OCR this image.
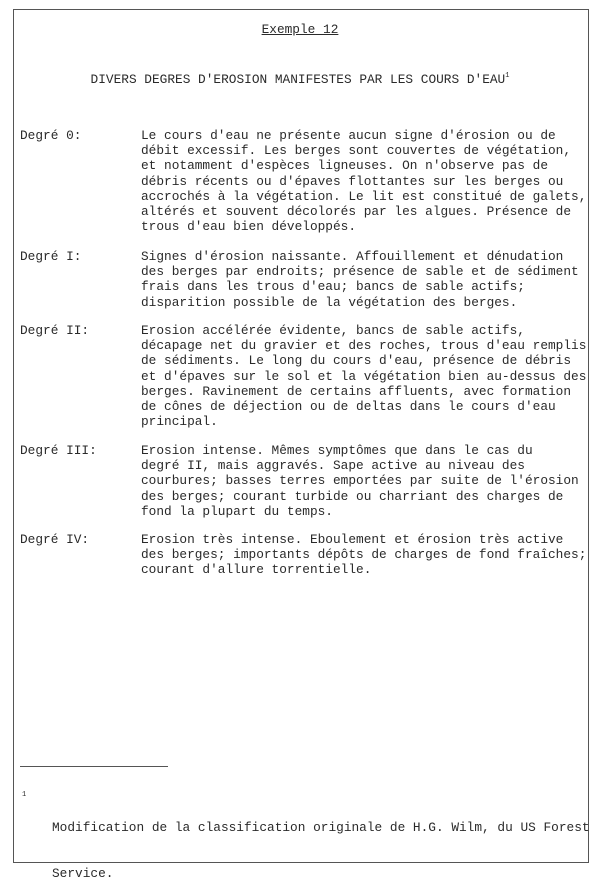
Exemple 12
DIVERS DEGRES D'EROSION MANIFESTES PAR LES COURS D'EAU$^1$
Degré 0:	Le cours d'eau ne présente aucun signe d'érosion ou de
débit excessif. Les berges sont couvertes de végétation,
et notamment d'espèces ligneuses. On n'observe pas de
débris récents ou d'épaves flottantes sur les berges ou
accrochés à la végétation. Le lit est constitué de galets,
altérés et souvent décolorés par les algues. Présence de
trous d'eau bien développés.
Degré I:	Signes d'érosion naissante. Affouillement et dénudation
des berges par endroits; présence de sable et de sédiment
frais dans les trous d'eau; bancs de sable actifs;
disparition possible de la végétation des berges.
Degré II:	Erosion accélérée évidente, bancs de sable actifs,
décapage net du gravier et des roches, trous d'eau remplis
de sédiments. Le long du cours d'eau, présence de débris
et d'épaves sur le sol et la végétation bien au-dessus des
berges. Ravinement de certains affluents, avec formation
de cônes de déjection ou de deltas dans le cours d'eau
principal.
Degré III:	Erosion intense. Mêmes symptômes que dans le cas du
degré II, mais aggravés. Sape active au niveau des
courbures; basses terres emportées par suite de l'érosion
des berges; courant turbide ou charriant des charges de
fond la plupart du temps.
Degré IV:	Erosion très intense. Eboulement et érosion très active
des berges; importants dépôts de charges de fond fraîches;
courant d'allure torrentielle.
1

Modification de la classification originale de H.G. Wilm, du US Forest

Service.
